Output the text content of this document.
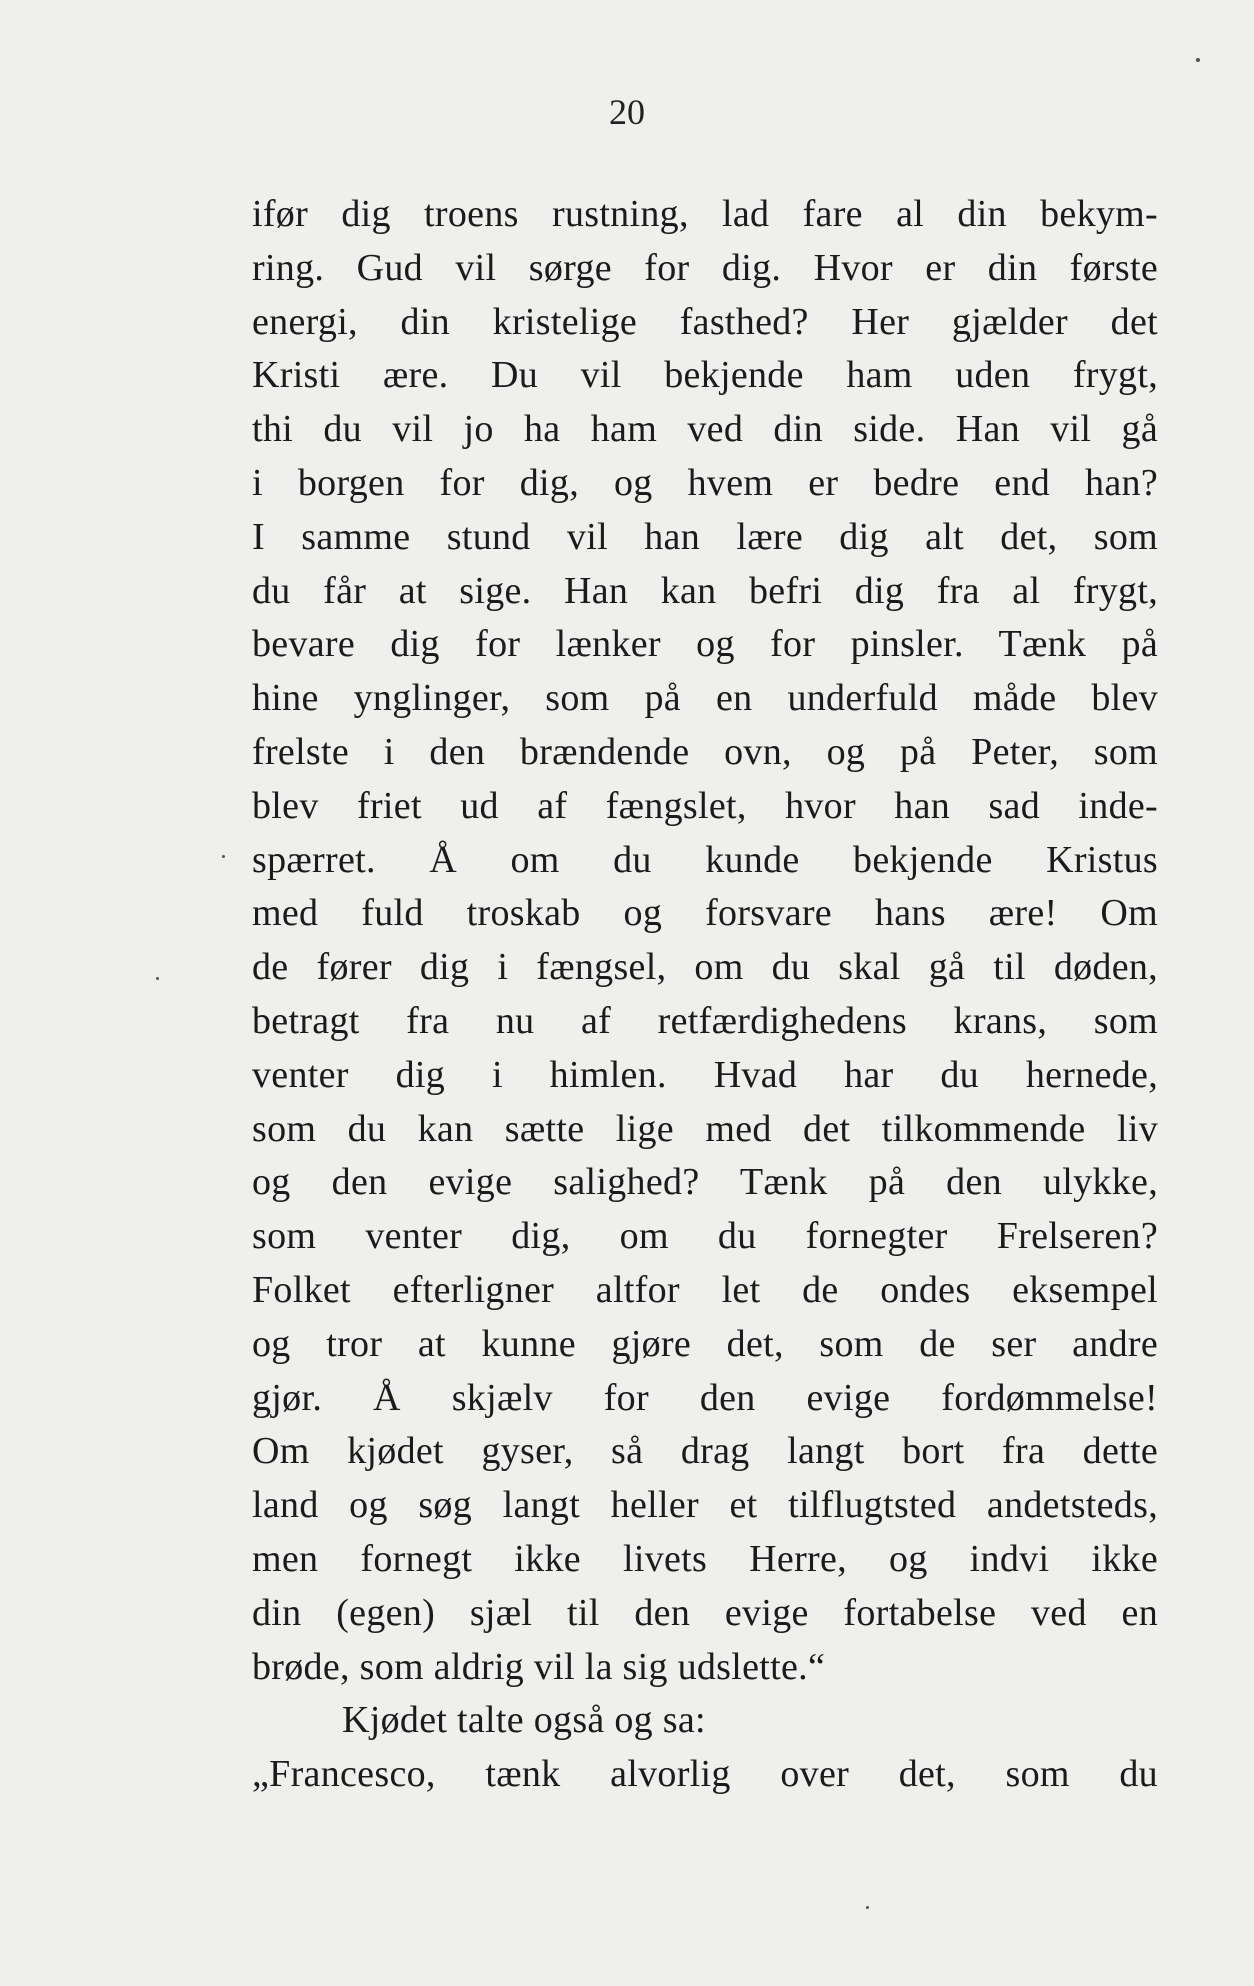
20
ifør dig troens rustning, lad fare al din bekym-
ring. Gud vil sørge for dig. Hvor er din første
energi, din kristelige fasthed? Her gjælder det
Kristi ære. Du vil bekjende ham uden frygt,
thi du vil jo ha ham ved din side. Han vil gå
i borgen for dig, og hvem er bedre end han?
I samme stund vil han lære dig alt det, som
du får at sige. Han kan befri dig fra al frygt,
bevare dig for lænker og for pinsler. Tænk på
hine ynglinger, som på en underfuld måde blev
frelste i den brændende ovn, og på Peter, som
blev friet ud af fængslet, hvor han sad inde-
spærret. Å om du kunde bekjende Kristus
med fuld troskab og forsvare hans ære! Om
de fører dig i fængsel, om du skal gå til døden,
betragt fra nu af retfærdighedens krans, som
venter dig i himlen. Hvad har du hernede,
som du kan sætte lige med det tilkommende liv
og den evige salighed? Tænk på den ulykke,
som venter dig, om du fornegter Frelseren?
Folket efterligner altfor let de ondes eksempel
og tror at kunne gjøre det, som de ser andre
gjør. Å skjælv for den evige fordømmelse!
Om kjødet gyser, så drag langt bort fra dette
land og søg langt heller et tilflugtsted andetsteds,
men fornegt ikke livets Herre, og indvi ikke
din (egen) sjæl til den evige fortabelse ved en
brøde, som aldrig vil la sig udslette.“
Kjødet talte også og sa:
„Francesco, tænk alvorlig over det, som du
